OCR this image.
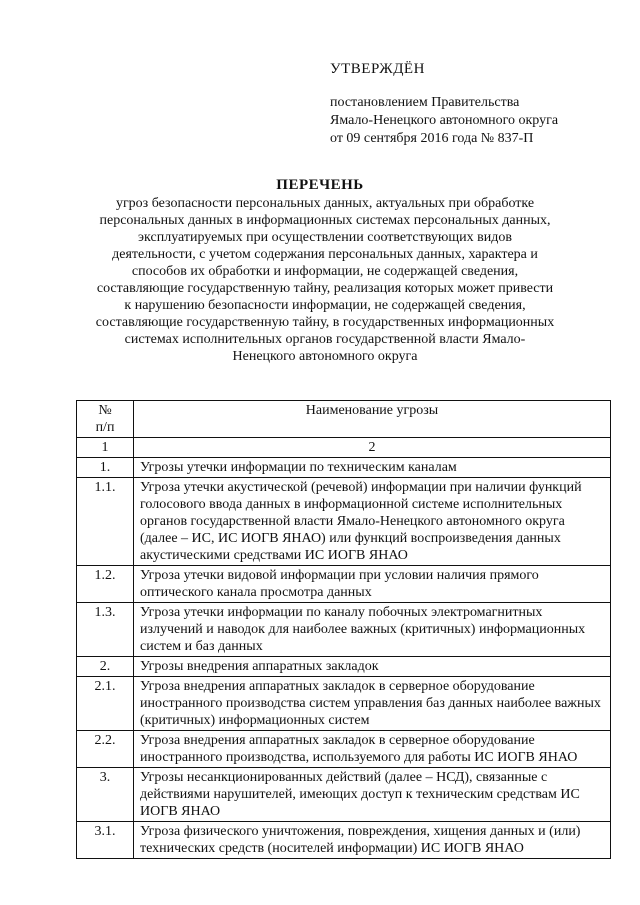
УТВЕРЖДЁН
постановлением Правительства
Ямало-Ненецкого автономного округа
от 09 сентября 2016 года № 837-П
ПЕРЕЧЕНЬ
угроз безопасности персональных данных, актуальных при обработке персональных данных в информационных системах персональных данных, эксплуатируемых при осуществлении соответствующих видов деятельности, с учетом содержания персональных данных, характера и способов их обработки и информации, не содержащей сведения, составляющие государственную тайну, реализация которых может привести к нарушению безопасности информации, не содержащей сведения, составляющие государственную тайну, в государственных информационных системах исполнительных органов государственной власти Ямало-Ненецкого автономного округа
№
п/п	Наименование угрозы
1	2
1.	Угрозы утечки информации по техническим каналам
1.1.	Угроза утечки акустической (речевой) информации при наличии функций голосового ввода данных в информационной системе исполнительных органов государственной власти Ямало-Ненецкого автономного округа (далее – ИС, ИС ИОГВ ЯНАО) или функций воспроизведения данных акустическими средствами ИС ИОГВ ЯНАО
1.2.	Угроза утечки видовой информации при условии наличия прямого оптического канала просмотра данных
1.3.	Угроза утечки информации по каналу побочных электромагнитных излучений и наводок для наиболее важных (критичных) информационных систем и баз данных
2.	Угрозы внедрения аппаратных закладок
2.1.	Угроза внедрения аппаратных закладок в серверное оборудование иностранного производства систем управления баз данных наиболее важных (критичных) информационных систем
2.2.	Угроза внедрения аппаратных закладок в серверное оборудование иностранного производства, используемого для работы ИС ИОГВ ЯНАО
3.	Угрозы несанкционированных действий (далее – НСД), связанные с действиями нарушителей, имеющих доступ к техническим средствам ИС ИОГВ ЯНАО
3.1.	Угроза физического уничтожения, повреждения, хищения данных и (или) технических средств (носителей информации) ИС ИОГВ ЯНАО
